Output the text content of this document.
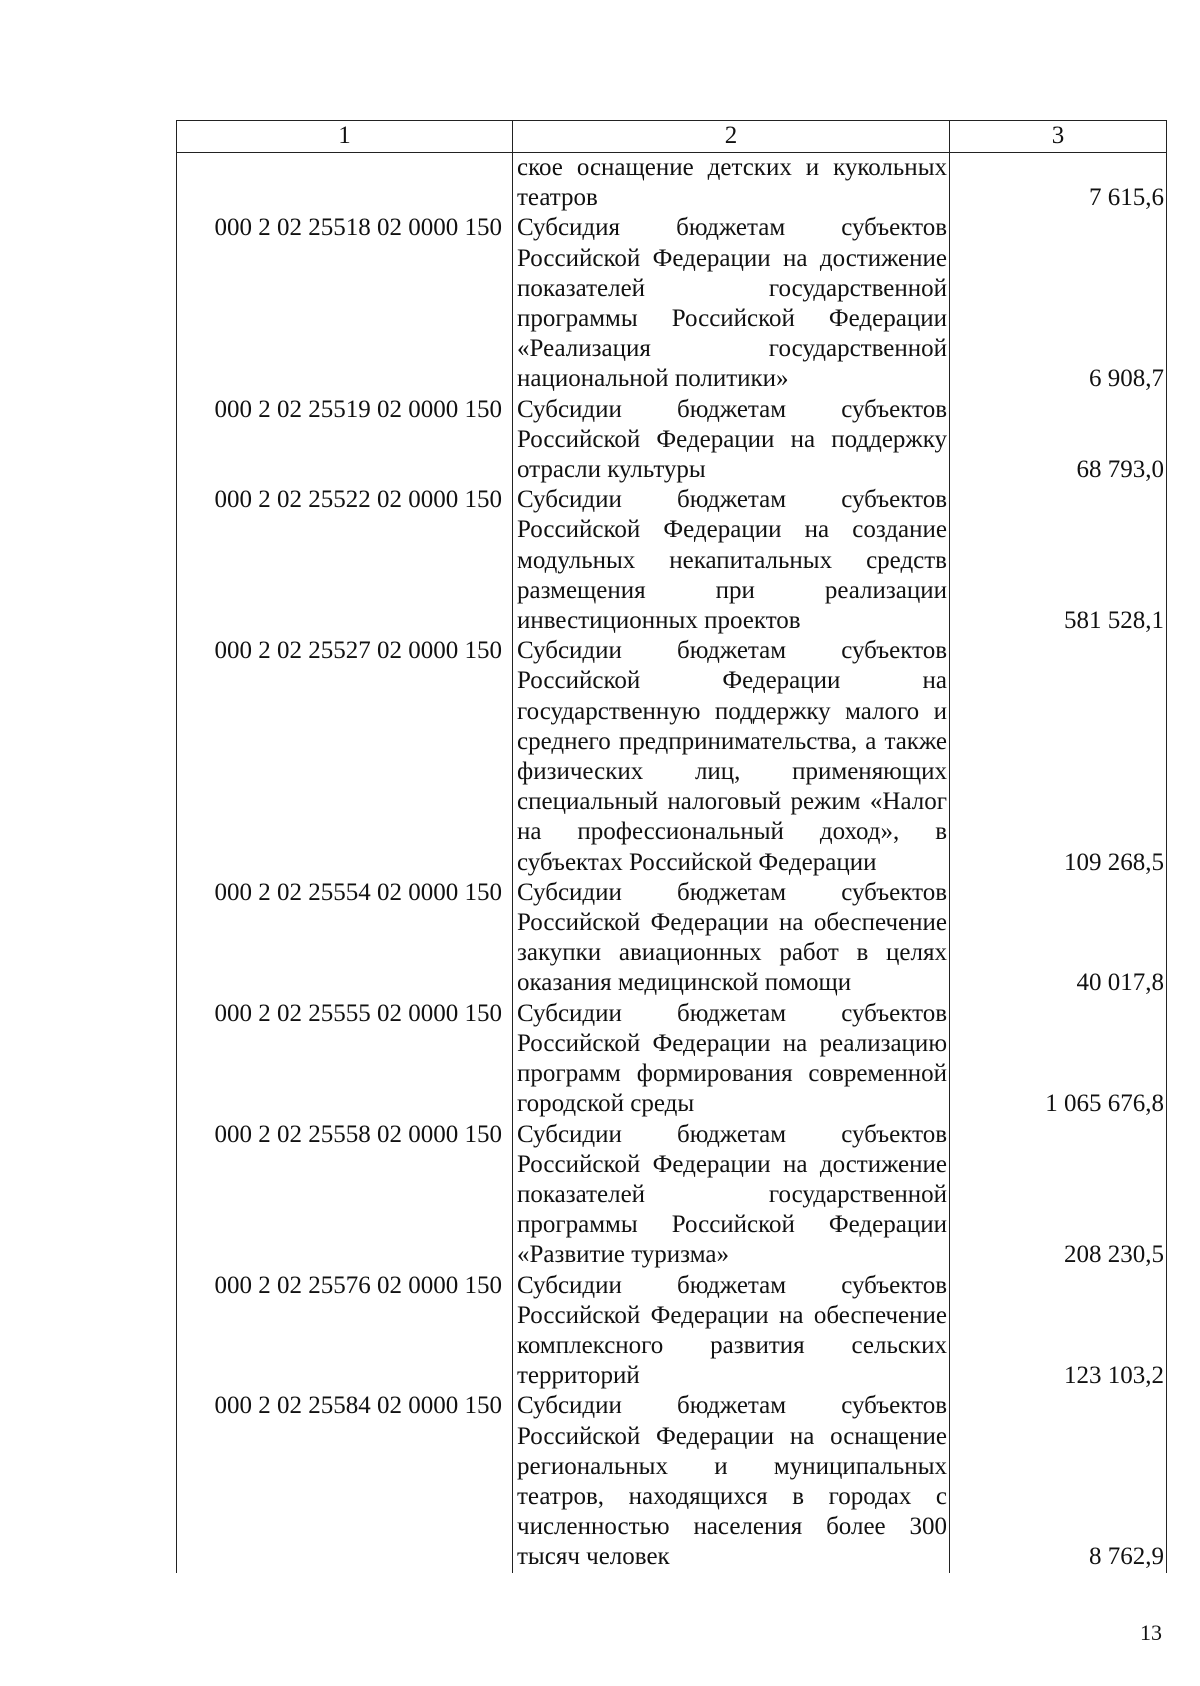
1	2	3
	ское оснащение детских и кукольных театров	7 615,6
000 2 02 25518 02 0000 150	Субсидия бюджетам субъектов Российской Федерации на достижение показателей государственной программы Российской Федерации «Реализация государственной национальной политики»	6 908,7
000 2 02 25519 02 0000 150	Субсидии бюджетам субъектов Российской Федерации на поддержку отрасли культуры	68 793,0
000 2 02 25522 02 0000 150	Субсидии бюджетам субъектов Российской Федерации на создание модульных некапитальных средств размещения при реализации инвестиционных проектов	581 528,1
000 2 02 25527 02 0000 150	Субсидии бюджетам субъектов Российской Федерации на государственную поддержку малого и среднего предпринимательства, а также физических лиц, применяющих специальный налоговый режим «Налог на профессиональный доход», в субъектах Российской Федерации	109 268,5
000 2 02 25554 02 0000 150	Субсидии бюджетам субъектов Российской Федерации на обеспечение закупки авиационных работ в целях оказания медицинской помощи	40 017,8
000 2 02 25555 02 0000 150	Субсидии бюджетам субъектов Российской Федерации на реализацию программ формирования современной городской среды	1 065 676,8
000 2 02 25558 02 0000 150	Субсидии бюджетам субъектов Российской Федерации на достижение показателей государственной программы Российской Федерации «Развитие туризма»	208 230,5
000 2 02 25576 02 0000 150	Субсидии бюджетам субъектов Российской Федерации на обеспечение комплексного развития сельских территорий	123 103,2
000 2 02 25584 02 0000 150	Субсидии бюджетам субъектов Российской Федерации на оснащение региональных и муниципальных театров, находящихся в городах с численностью населения более 300 тысяч человек	8 762,9
13
